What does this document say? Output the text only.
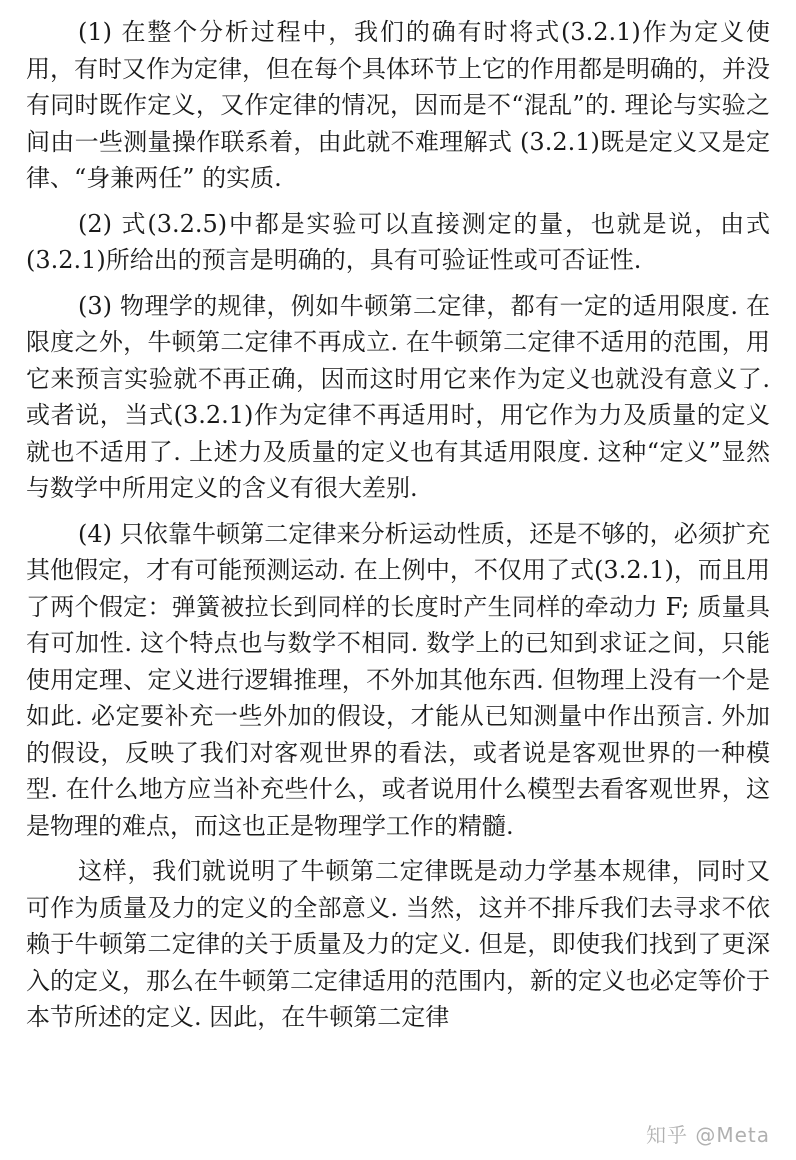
(1) 在整个分析过程中，我们的确有时将式(3.2.1)作为定义使用，有时又作为定律，但在每个具体环节上它的作用都是明确的，并没有同时既作定义，又作定律的情况，因而是不“混乱”的. 理论与实验之间由一些测量操作联系着，由此就不难理解式 (3.2.1)既是定义又是定律、“身兼两任” 的实质.

(2) 式(3.2.5)中都是实验可以直接测定的量，也就是说，由式(3.2.1)所给出的预言是明确的，具有可验证性或可否证性.

(3) 物理学的规律，例如牛顿第二定律，都有一定的适用限度. 在限度之外，牛顿第二定律不再成立. 在牛顿第二定律不适用的范围，用它来预言实验就不再正确，因而这时用它来作为定义也就没有意义了. 或者说，当式(3.2.1)作为定律不再适用时，用它作为力及质量的定义就也不适用了. 上述力及质量的定义也有其适用限度. 这种“定义”显然与数学中所用定义的含义有很大差别.

(4) 只依靠牛顿第二定律来分析运动性质，还是不够的，必须扩充其他假定，才有可能预测运动. 在上例中，不仅用了式(3.2.1)，而且用了两个假定：弹簧被拉长到同样的长度时产生同样的牵动力 F; 质量具有可加性. 这个特点也与数学不相同. 数学上的已知到求证之间，只能使用定理、定义进行逻辑推理，不外加其他东西. 但物理上没有一个是如此. 必定要补充一些外加的假设，才能从已知测量中作出预言. 外加的假设，反映了我们对客观世界的看法，或者说是客观世界的一种模型. 在什么地方应当补充些什么，或者说用什么模型去看客观世界，这是物理的难点，而这也正是物理学工作的精髓.

这样，我们就说明了牛顿第二定律既是动力学基本规律，同时又可作为质量及力的定义的全部意义. 当然，这并不排斥我们去寻求不依赖于牛顿第二定律的关于质量及力的定义. 但是，即使我们找到了更深入的定义，那么在牛顿第二定律适用的范围内，新的定义也必定等价于本节所述的定义. 因此，在牛顿第二定律

知乎 @Meta
